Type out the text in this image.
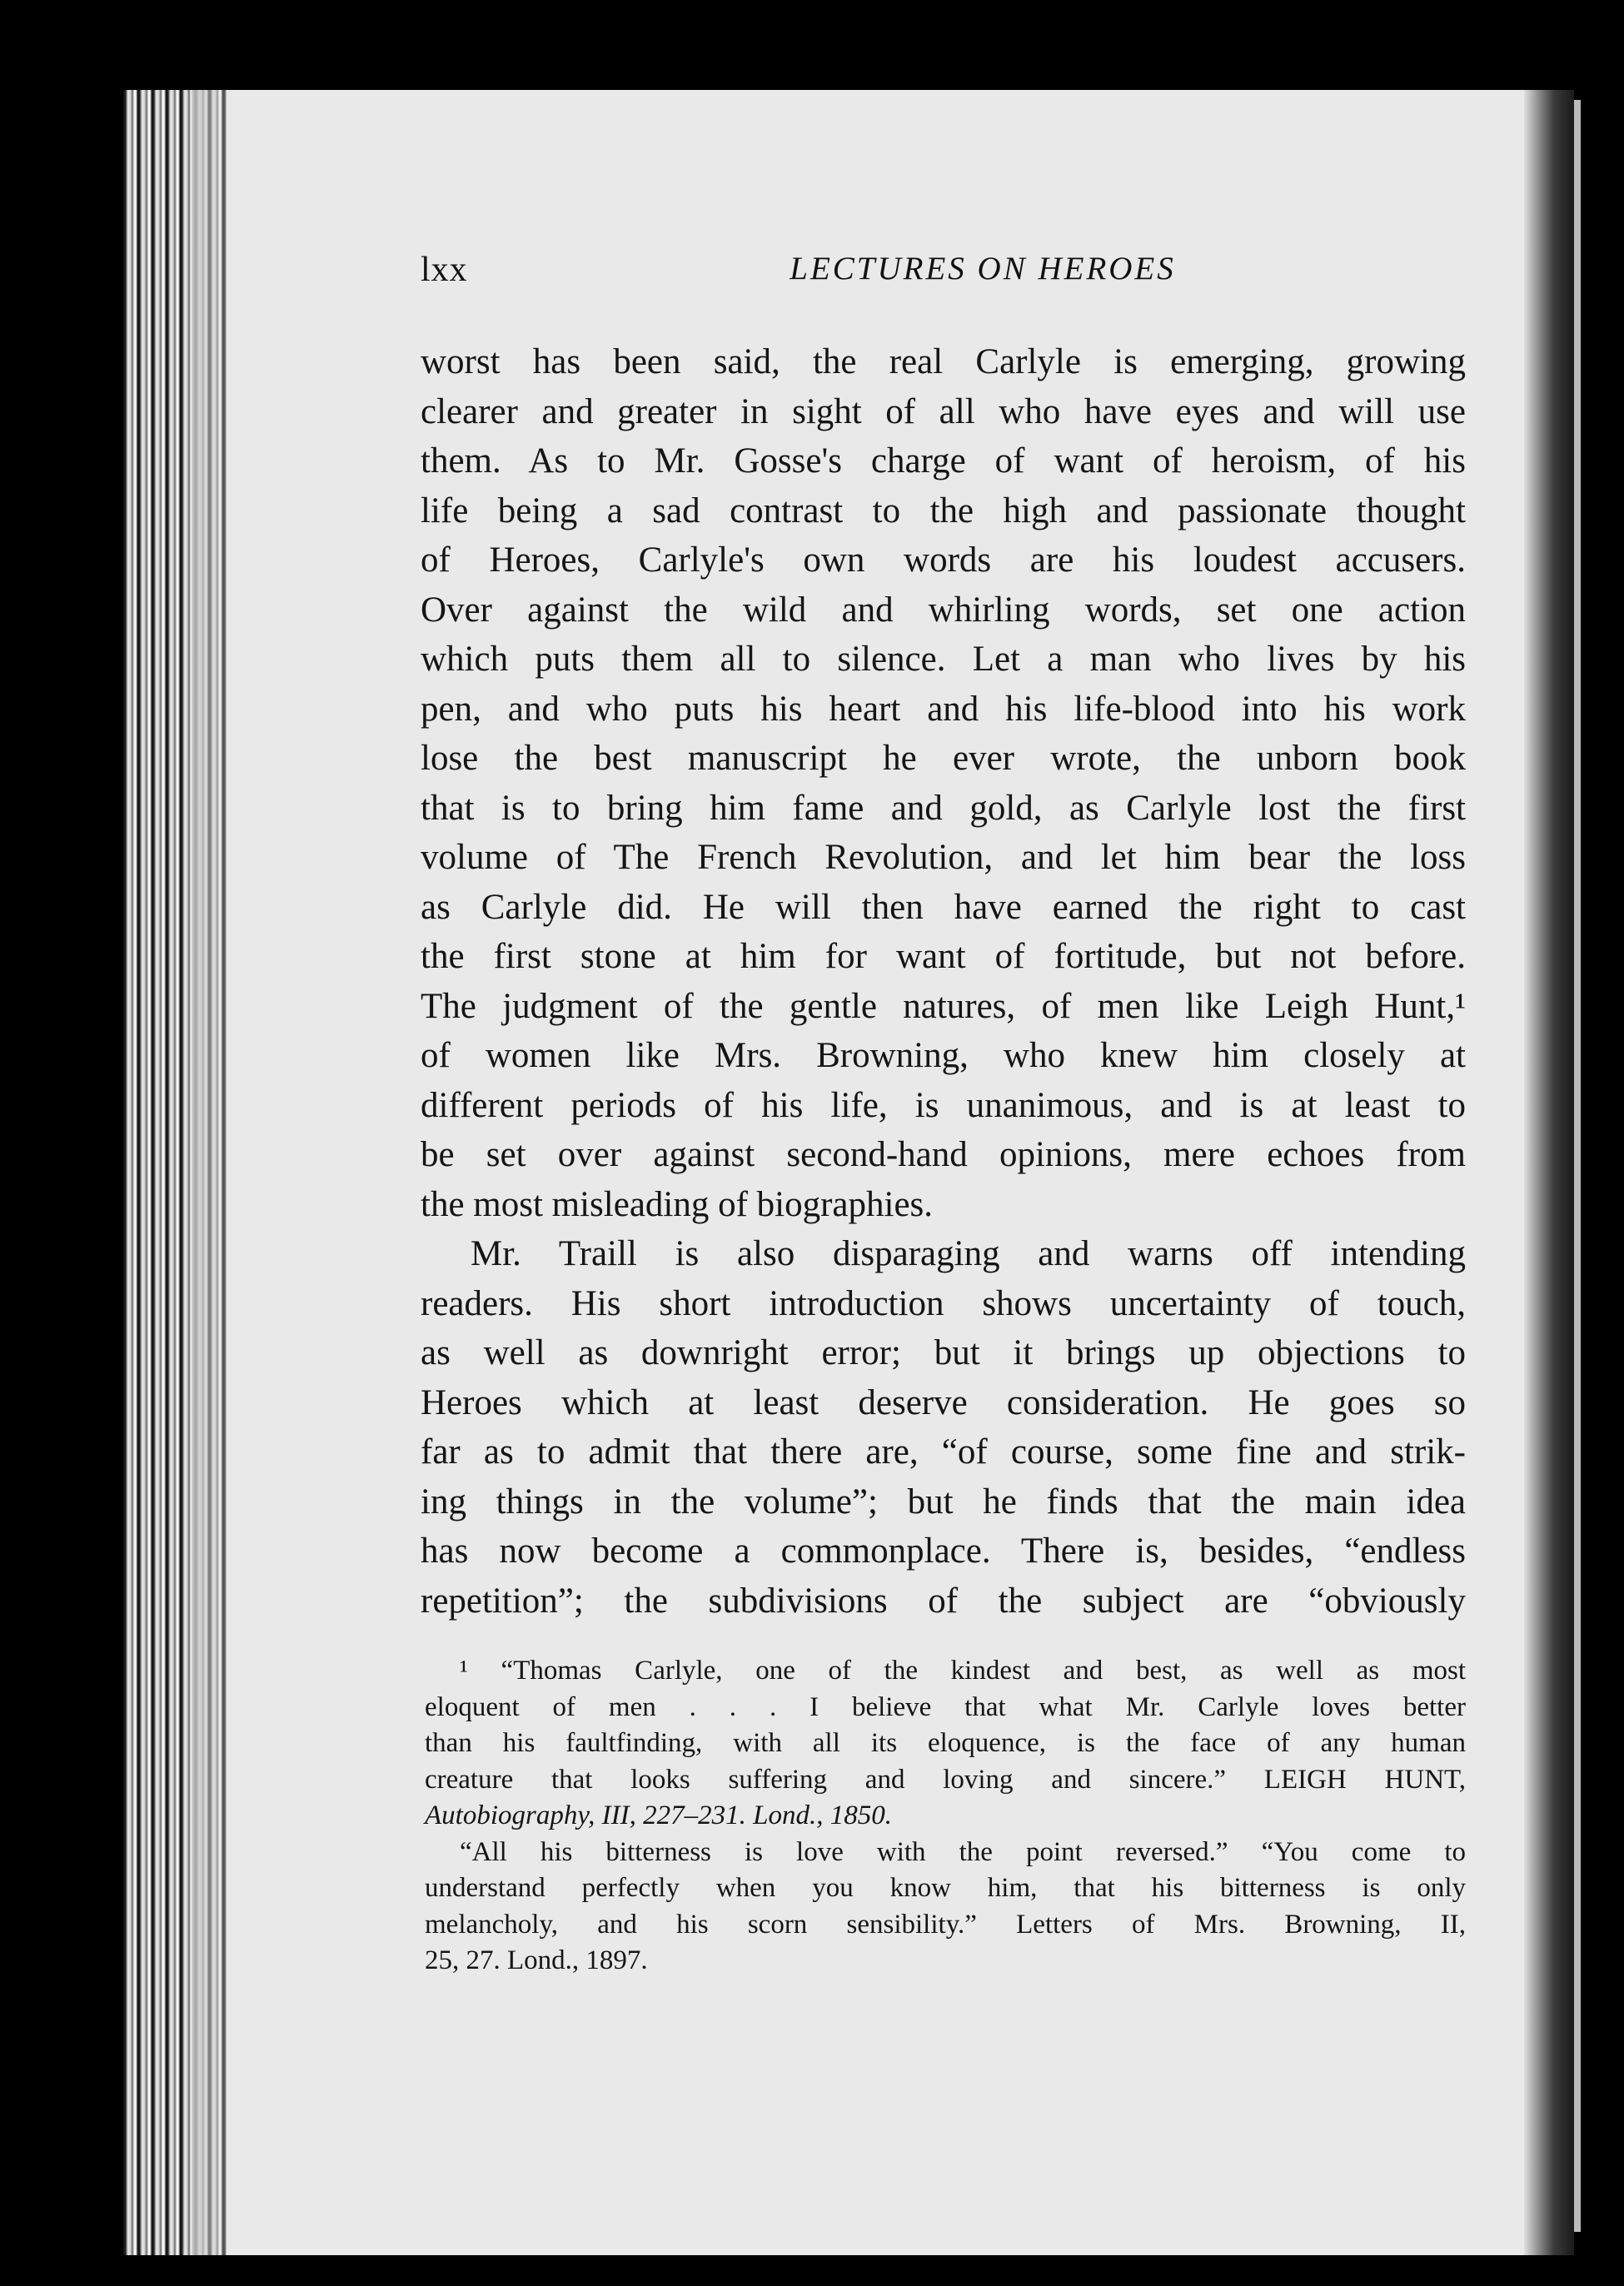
lxx	LECTURES ON HEROES
worst has been said, the real Carlyle is emerging, growing
clearer and greater in sight of all who have eyes and will use
them. As to Mr. Gosse's charge of want of heroism, of his
life being a sad contrast to the high and passionate thought
of Heroes, Carlyle's own words are his loudest accusers.
Over against the wild and whirling words, set one action
which puts them all to silence. Let a man who lives by his
pen, and who puts his heart and his life-blood into his work
lose the best manuscript he ever wrote, the unborn book
that is to bring him fame and gold, as Carlyle lost the first
volume of The French Revolution, and let him bear the loss
as Carlyle did. He will then have earned the right to cast
the first stone at him for want of fortitude, but not before.
The judgment of the gentle natures, of men like Leigh Hunt,¹
of women like Mrs. Browning, who knew him closely at
different periods of his life, is unanimous, and is at least to
be set over against second-hand opinions, mere echoes from
the most misleading of biographies.
Mr. Traill is also disparaging and warns off intending
readers. His short introduction shows uncertainty of touch,
as well as downright error; but it brings up objections to
Heroes which at least deserve consideration. He goes so
far as to admit that there are, “of course, some fine and strik-
ing things in the volume”; but he finds that the main idea
has now become a commonplace. There is, besides, “endless
repetition”; the subdivisions of the subject are “obviously
¹ “Thomas Carlyle, one of the kindest and best, as well as most
eloquent of men . . . I believe that what Mr. Carlyle loves better
than his faultfinding, with all its eloquence, is the face of any human
creature that looks suffering and loving and sincere.” LEIGH HUNT,
Autobiography, III, 227–231. Lond., 1850.
“All his bitterness is love with the point reversed.” “You come to
understand perfectly when you know him, that his bitterness is only
melancholy, and his scorn sensibility.” Letters of Mrs. Browning, II,
25, 27. Lond., 1897.
